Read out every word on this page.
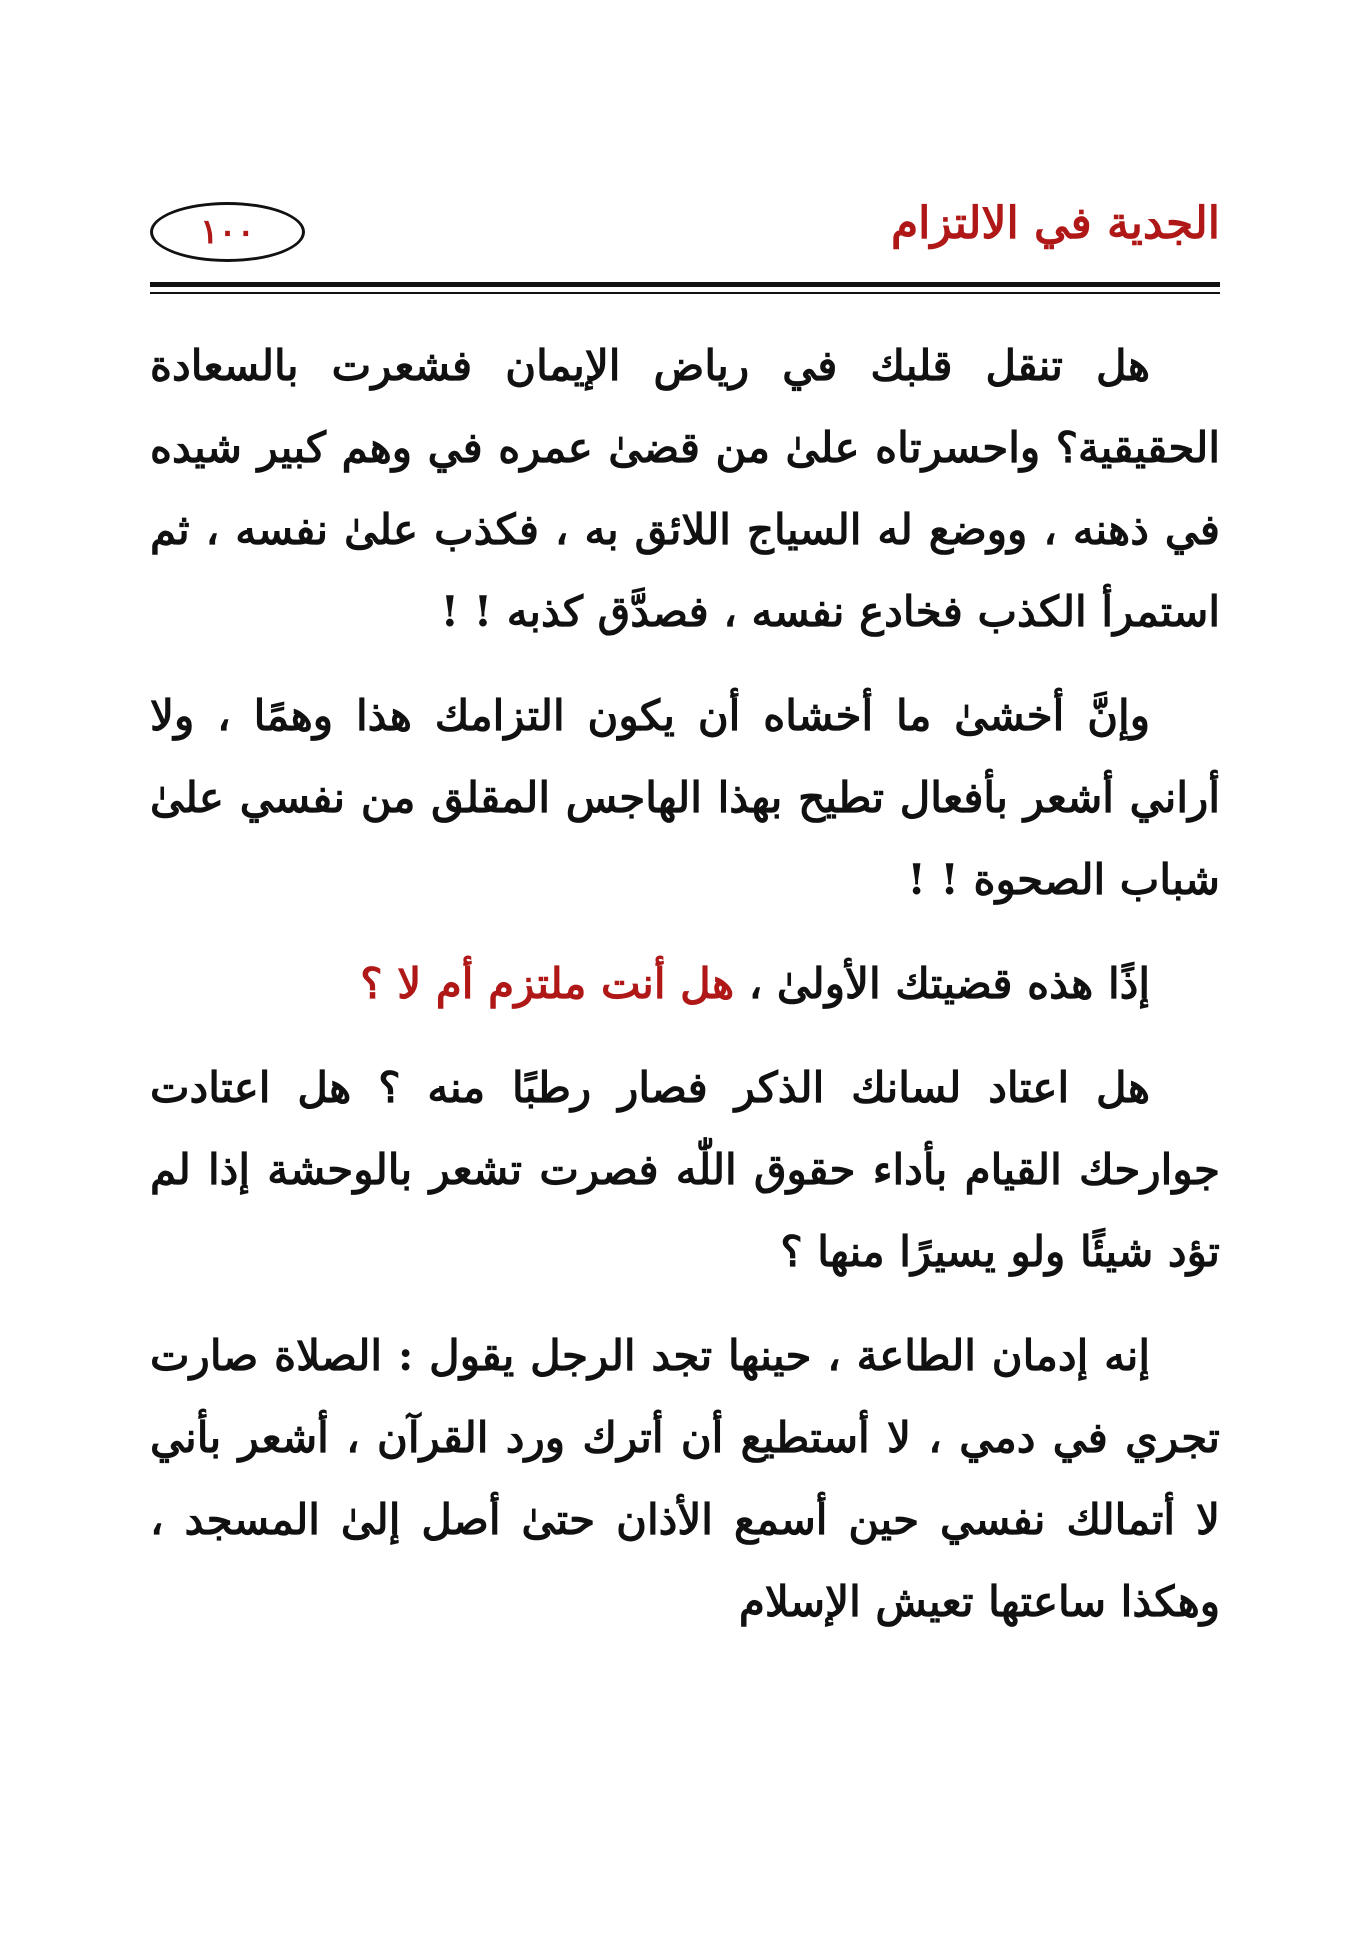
١٠٠	الجدية في الالتزام

هل تنقل قلبك في رياض الإيمان فشعرت بالسعادة الحقيقية؟ واحسرتاه علىٰ من قضىٰ عمره في وهم كبير شيده في ذهنه ، ووضع له السياج اللائق به ، فكذب علىٰ نفسه ، ثم استمرأ الكذب فخادع نفسه ، فصدَّق كذبه ! !

وإنَّ أخشىٰ ما أخشاه أن يكون التزامك هذا وهمًا ، ولا أراني أشعر بأفعال تطيح بهذا الهاجس المقلق من نفسي علىٰ شباب الصحوة ! !

إذًا هذه قضيتك الأولىٰ ، هل أنت ملتزم أم لا ؟

هل اعتاد لسانك الذكر فصار رطبًا منه ؟ هل اعتادت جوارحك القيام بأداء حقوق اللّٰه فصرت تشعر بالوحشة إذا لم تؤد شيئًا ولو يسيرًا منها ؟

إنه إدمان الطاعة ، حينها تجد الرجل يقول : الصلاة صارت تجري في دمي ، لا أستطيع أن أترك ورد القرآن ، أشعر بأني لا أتمالك نفسي حين أسمع الأذان حتىٰ أصل إلىٰ المسجد ، وهكذا ساعتها تعيش الإسلام
